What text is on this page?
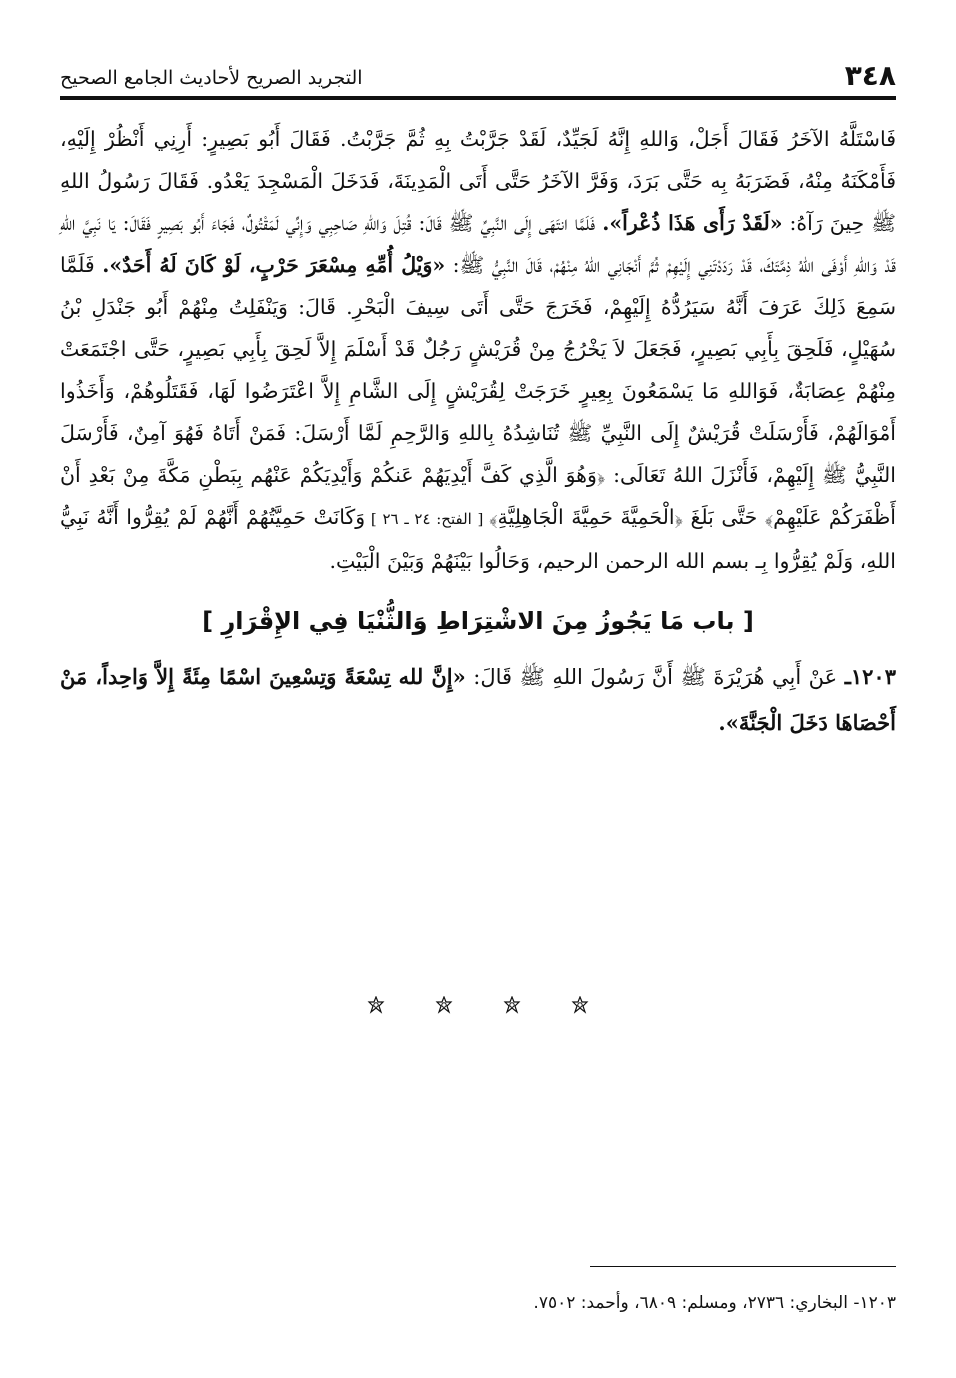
٣٤٨
التجريد الصريح لأحاديث الجامع الصحيح

فَاسْتَلَّهُ الآخَرُ فَقَالَ أَجَلْ، وَاللهِ إِنَّهُ لَجَيِّدٌ، لَقَدْ جَرَّبْتُ بِهِ ثُمَّ جَرَّبْتُ. فَقَالَ أَبُو بَصِيرٍ: أَرِنِي أَنْظُرْ إِلَيْهِ، فَأَمْكَنَهُ مِنْهُ، فَضَرَبَهُ بِه حَتَّى بَرَدَ، وَفَرَّ الآخَرُ حَتَّى أَتَى الْمَدِينَةَ، فَدَخَلَ الْمَسْجِدَ يَعْدُو. فَقَالَ رَسُولُ اللهِ ﷺ حِينَ رَآهُ: «لَقَدْ رَأَى هَذَا ذُعْراً». فَلَمَّا انتَهَى إِلَى النَّبِيِّ ﷺ قَالَ: قُتِلَ وَاللهِ صَاحِبِي وَإِنِّي لَمَقْتُولٌ، فَجَاءَ أَبُو بَصِيرٍ فَقَالَ: يَا نَبِيَّ اللهِ قَدْ وَاللهِ أَوْفَى اللهُ ذِمَّتَكَ، قَدْ رَدَدْتَنِي إِلَيْهِمْ ثُمَّ أَنْجَانِي اللهُ مِنْهُمْ، قَالَ النَّبِيُّ ﷺ: «وَيْلُ أُمِّهِ مِسْعَرَ حَرْبٍ، لَوْ كَانَ لَهُ أَحَدٌ». فَلَمَّا سَمِعَ ذَلِكَ عَرَفَ أَنَّهُ سَيَرُدُّهُ إِلَيْهِمْ، فَخَرَجَ حَتَّى أَتَى سِيفَ الْبَحْرِ. قَالَ: وَيَنْفَلِتُ مِنْهُمْ أَبُو جَنْدَلِ بْنُ سُهَيْلٍ، فَلَحِقَ بِأَبِي بَصِيرٍ، فَجَعَلَ لاَ يَخْرُجُ مِنْ قُرَيْشٍ رَجُلٌ قَدْ أَسْلَمَ إِلاَّ لَحِقَ بِأَبِي بَصِيرٍ، حَتَّى اجْتَمَعَتْ مِنْهُمْ عِصَابَةٌ، فَوَاللهِ مَا يَسْمَعُونَ بِعِيرٍ خَرَجَتْ لِقُرَيْشٍ إِلَى الشَّامِ إِلاَّ اعْتَرَضُوا لَهَا، فَقَتَلُوهُمْ، وَأَخَذُوا أَمْوَالَهُمْ، فَأَرْسَلَتْ قُرَيْشٌ إِلَى النَّبِيِّ ﷺ تُنَاشِدُهُ بِاللهِ وَالرَّحِمِ لَمَّا أَرْسَلَ: فَمَنْ أَتَاهُ فَهُوَ آمِنٌ، فَأَرْسَلَ النَّبِيُّ ﷺ إِلَيْهِمْ، فَأَنْزَلَ اللهُ تَعَالَى: ﴿وَهُوَ الَّذِي كَفَّ أَيْدِيَهُمْ عَنكُمْ وَأَيْدِيَكُمْ عَنْهُم بِبَطْنِ مَكَّةَ مِنْ بَعْدِ أَنْ أَظْفَرَكُمْ عَلَيْهِمْ﴾ حَتَّى بَلَغَ ﴿الْحَمِيَّةَ حَمِيَّةَ الْجَاهِلِيَّةِ﴾ [ الفتح: ٢٤ ـ ٢٦ ] وَكَانَتْ حَمِيَّتُهُمْ أَنَّهُمْ لَمْ يُقِرُّوا أَنَّهُ نَبِيُّ اللهِ، وَلَمْ يُقِرُّوا بِـ بسم الله الرحمن الرحيم، وَحَالُوا بَيْنَهُمْ وَبَيْنَ الْبَيْتِ.

[ باب مَا يَجُوزُ مِنَ الاشْتِرَاطِ وَالثُّنْيَا فِي الإِقْرَارِ ]

١٢٠٣ـ عَنْ أَبِي هُرَيْرَةَ ﷺ أَنَّ رَسُولَ اللهِ ﷺ قَالَ: «إِنَّ لله تِسْعَةً وَتِسْعِينَ اسْمًا مِئَةً إِلاَّ وَاحِداً، مَنْ أَحْصَاهَا دَخَلَ الْجَنَّةَ».

١٢٠٣- البخاري: ٢٧٣٦، ومسلم: ٦٨٠٩، وأحمد: ٧٥٠٢.
